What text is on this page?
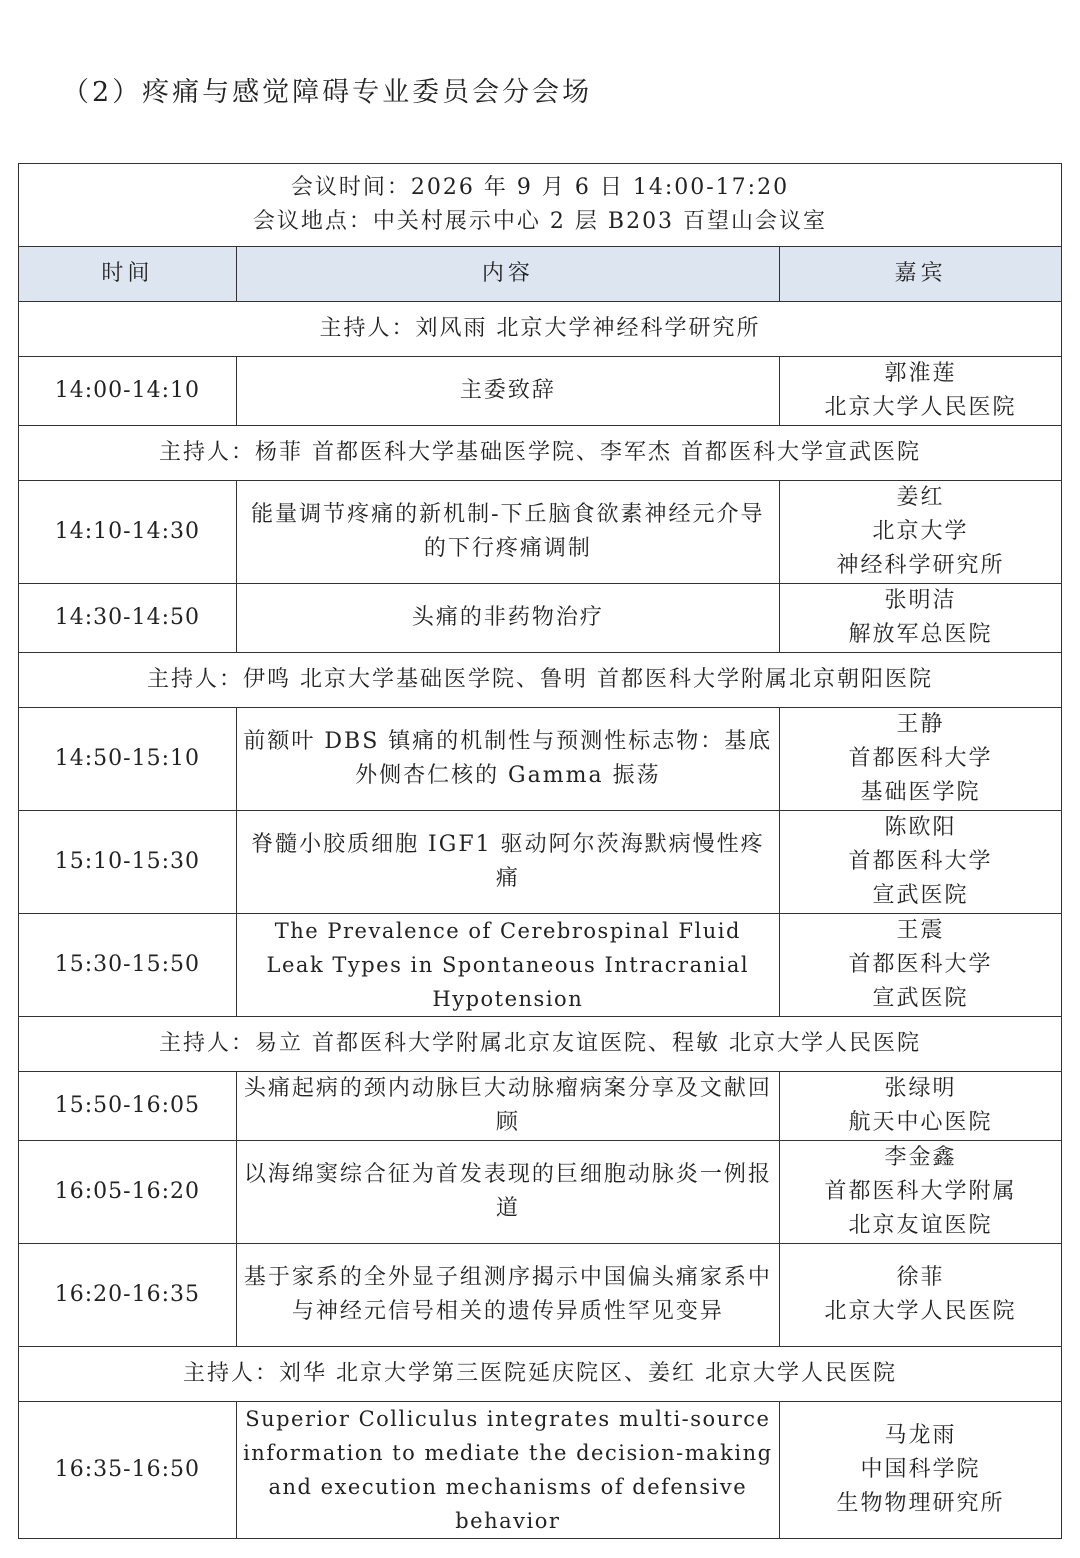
（2）疼痛与感觉障碍专业委员会分会场
会议时间：2026 年 9 月 6 日 14:00-17:20
会议地点：中关村展示中心 2 层 B203 百望山会议室		

时间	内容	嘉宾
主持人：刘风雨 北京大学神经科学研究所		
14:00-14:10	主委致辞	郭淮莲
北京大学人民医院

主持人：杨菲 首都医科大学基础医学院、李军杰 首都医科大学宣武医院		
14:10-14:30	能量调节疼痛的新机制-下丘脑食欲素神经元介导的下行疼痛调制	姜红
北京大学
神经科学研究所

14:30-14:50	头痛的非药物治疗	张明洁
解放军总医院

主持人：伊鸣 北京大学基础医学院、鲁明 首都医科大学附属北京朝阳医院		
14:50-15:10	前额叶 DBS 镇痛的机制性与预测性标志物：基底外侧杏仁核的 Gamma 振荡	王静
首都医科大学
基础医学院

15:10-15:30	脊髓小胶质细胞 IGF1 驱动阿尔茨海默病慢性疼痛	陈欧阳
首都医科大学
宣武医院

15:30-15:50	The Prevalence of Cerebrospinal Fluid Leak Types in Spontaneous Intracranial Hypotension	王震
首都医科大学
宣武医院

主持人：易立 首都医科大学附属北京友谊医院、程敏 北京大学人民医院		
15:50-16:05	头痛起病的颈内动脉巨大动脉瘤病案分享及文献回顾	张绿明
航天中心医院

16:05-16:20	以海绵窦综合征为首发表现的巨细胞动脉炎一例报道	李金鑫
首都医科大学附属
北京友谊医院

16:20-16:35	基于家系的全外显子组测序揭示中国偏头痛家系中与神经元信号相关的遗传异质性罕见变异	徐菲
北京大学人民医院

主持人：刘华 北京大学第三医院延庆院区、姜红 北京大学人民医院		
16:35-16:50	Superior Colliculus integrates multi-source information to mediate the decision-making and execution mechanisms of defensive behavior	马龙雨
中国科学院
生物物理研究所
